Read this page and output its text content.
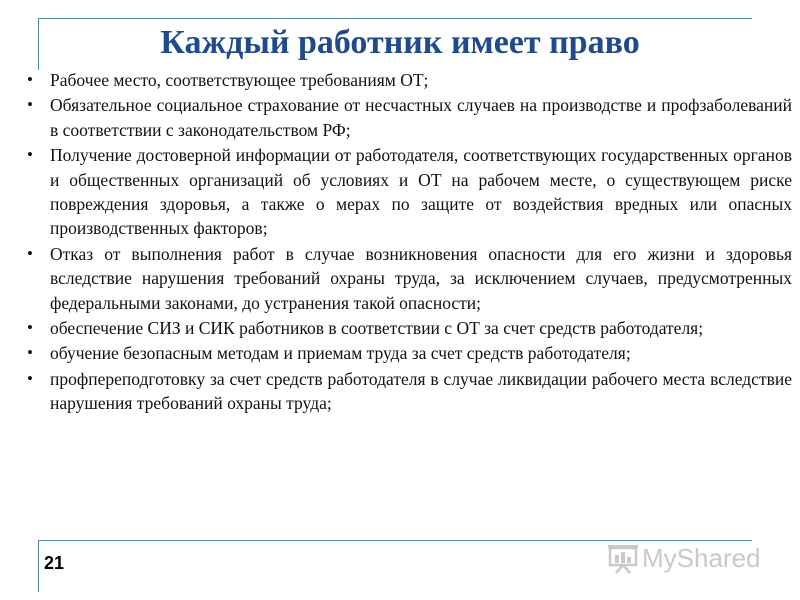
Каждый работник имеет право
• Рабочее место, соответствующее требованиям ОТ;
• Обязательное социальное страхование от несчастных случаев на производстве и профзаболеваний в соответствии с законодательством РФ;
• Получение достоверной информации от работодателя, соответствующих государственных органов и общественных организаций об условиях и ОТ на рабочем месте, о существующем риске повреждения здоровья, а также о мерах по защите от воздействия вредных или опасных производственных факторов;
• Отказ от выполнения работ в случае возникновения опасности для его жизни и здоровья вследствие нарушения требований охраны труда, за исключением случаев, предусмотренных федеральными законами, до устранения такой опасности;
• обеспечение СИЗ и СИК работников в соответствии с ОТ за счет средств работодателя;
• обучение безопасным методам и приемам труда за счет средств работодателя;
• профпереподготовку за счет средств работодателя в случае ликвидации рабочего места вследствие нарушения требований охраны труда;
21	MyShared
